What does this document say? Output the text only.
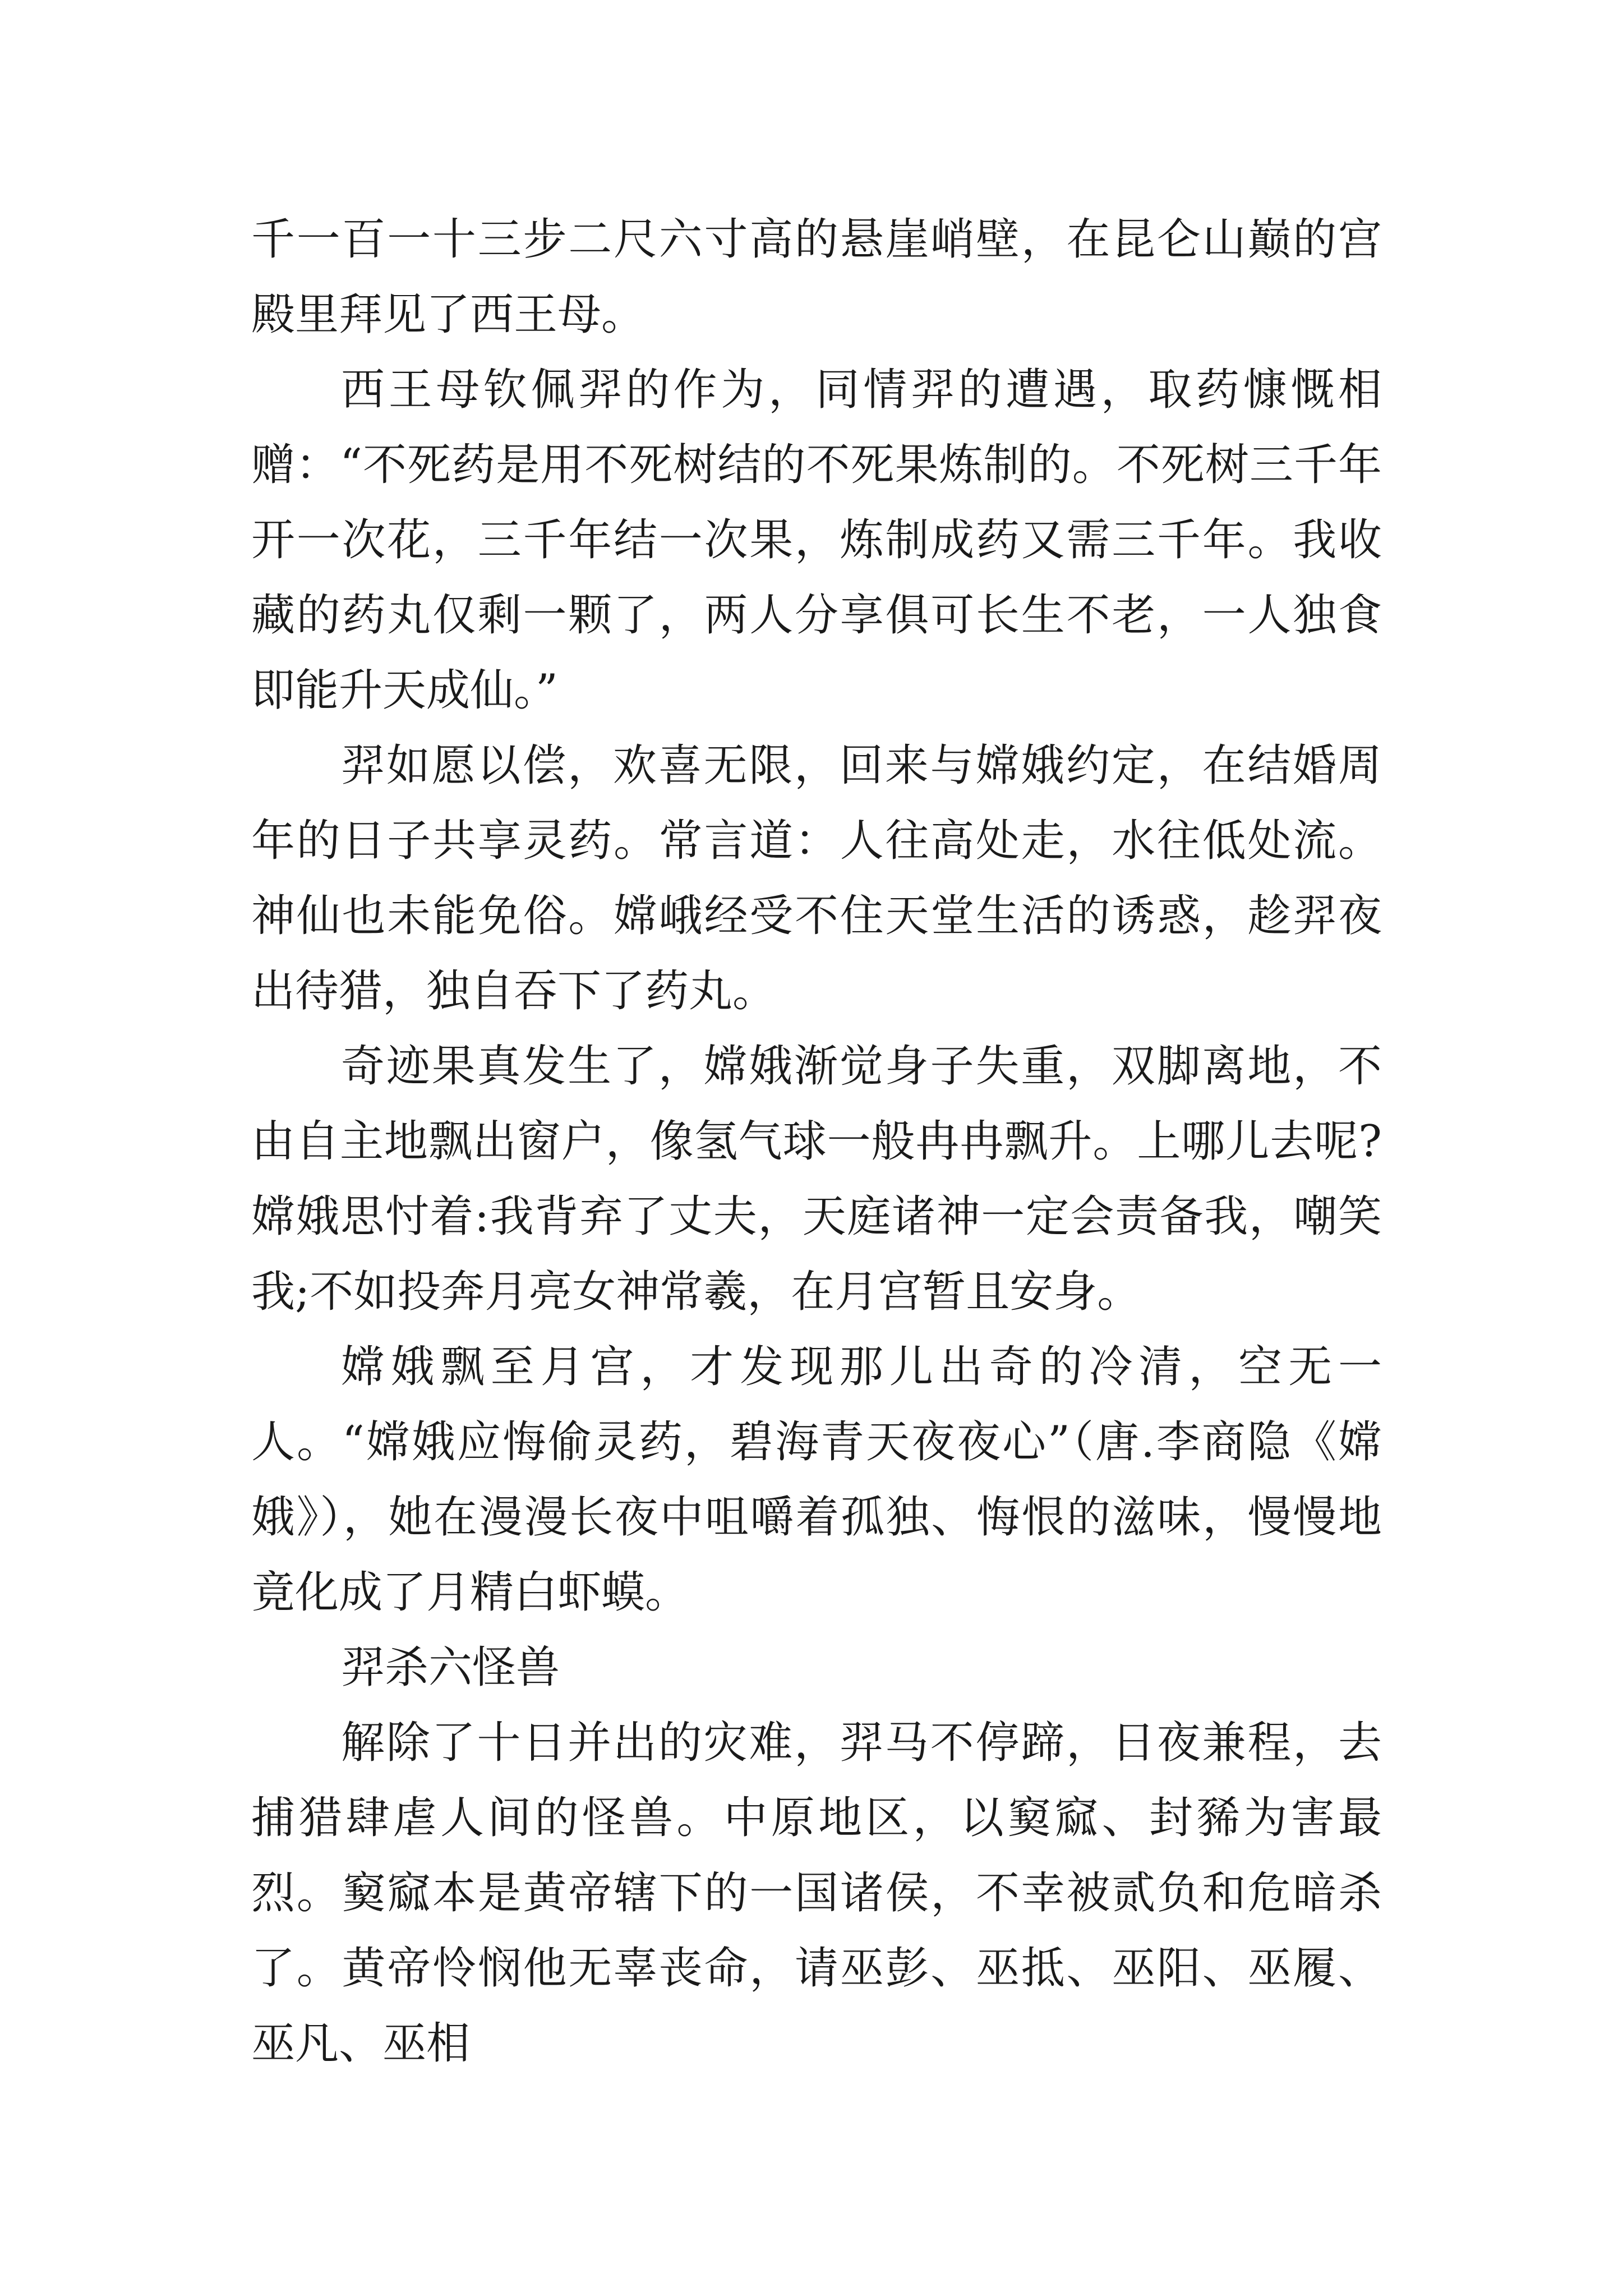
千一百一十三步二尺六寸高的悬崖峭壁，在昆仑山巅的宫殿里拜见了西王母。

西王母钦佩羿的作为，同情羿的遭遇，取药慷慨相赠：“不死药是用不死树结的不死果炼制的。不死树三千年开一次花，三千年结一次果，炼制成药又需三千年。我收藏的药丸仅剩一颗了，两人分享俱可长生不老，一人独食即能升天成仙。”

羿如愿以偿，欢喜无限，回来与嫦娥约定，在结婚周年的日子共享灵药。常言道：人往高处走，水往低处流。神仙也未能免俗。嫦峨经受不住天堂生活的诱惑，趁羿夜出待猎，独自吞下了药丸。

奇迹果真发生了，嫦娥渐觉身子失重，双脚离地，不由自主地飘出窗户，像氢气球一般冉冉飘升。上哪儿去呢?嫦娥思忖着:我背弃了丈夫，天庭诸神一定会责备我，嘲笑我;不如投奔月亮女神常羲，在月宫暂且安身。

嫦娥飘至月宫，才发现那儿出奇的冷清，空无一人。“嫦娥应悔偷灵药，碧海青天夜夜心”（唐.李商隐《嫦娥》），她在漫漫长夜中咀嚼着孤独、悔恨的滋味，慢慢地竟化成了月精白虾蟆。

羿杀六怪兽

解除了十日并出的灾难，羿马不停蹄，日夜兼程，去捕猎肆虐人间的怪兽。中原地区，以窫窳、封豨为害最烈。窫窳本是黄帝辖下的一国诸侯，不幸被贰负和危暗杀了。黄帝怜悯他无辜丧命，请巫彭、巫抵、巫阳、巫履、巫凡、巫相
